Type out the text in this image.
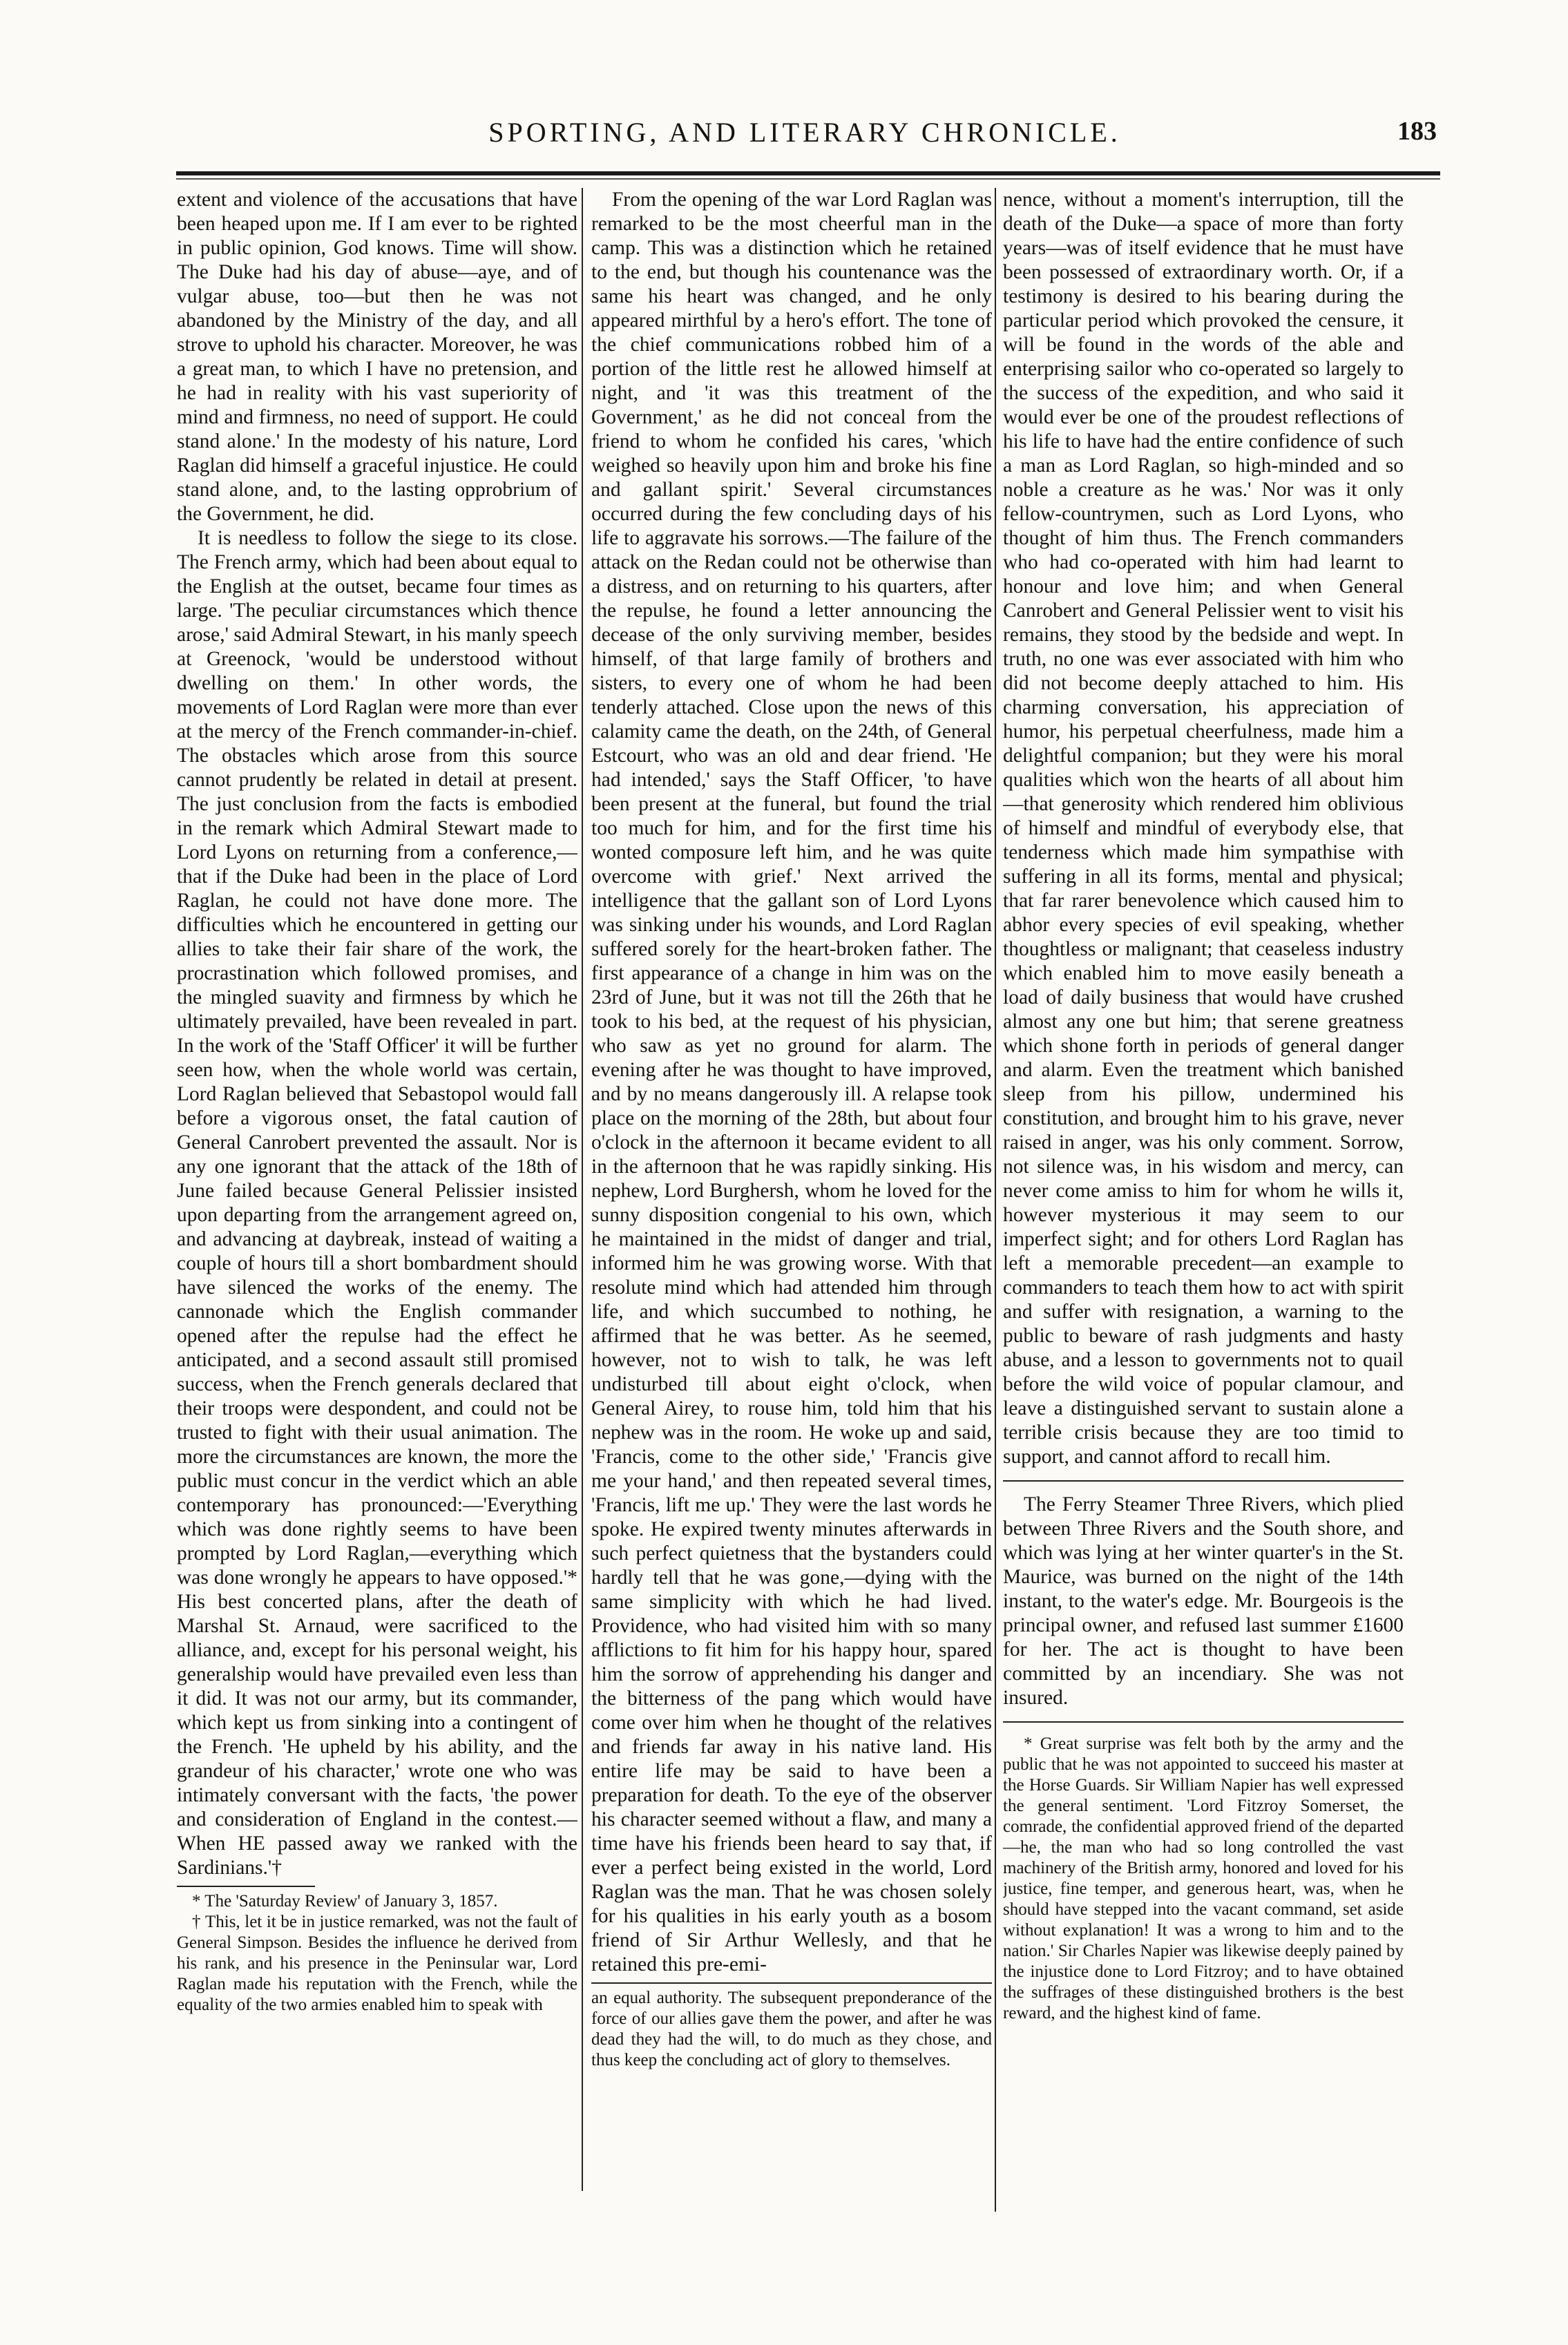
SPORTING, AND LITERARY CHRONICLE.	183

extent and violence of the accusations that have been heaped upon me. If I am ever to be righted in public opinion, God knows. Time will show. The Duke had his day of abuse—aye, and of vulgar abuse, too—but then he was not abandoned by the Ministry of the day, and all strove to uphold his character. Moreover, he was a great man, to which I have no pretension, and he had in reality with his vast superiority of mind and firmness, no need of support. He could stand alone.' In the modesty of his nature, Lord Raglan did himself a graceful injustice. He could stand alone, and, to the lasting opprobrium of the Government, he did.

It is needless to follow the siege to its close. The French army, which had been about equal to the English at the outset, became four times as large. 'The peculiar circumstances which thence arose,' said Admiral Stewart, in his manly speech at Greenock, 'would be understood without dwelling on them.' In other words, the movements of Lord Raglan were more than ever at the mercy of the French commander-in-chief. The obstacles which arose from this source cannot prudently be related in detail at present. The just conclusion from the facts is embodied in the remark which Admiral Stewart made to Lord Lyons on returning from a conference,—that if the Duke had been in the place of Lord Raglan, he could not have done more. The difficulties which he encountered in getting our allies to take their fair share of the work, the procrastination which followed promises, and the mingled suavity and firmness by which he ultimately prevailed, have been revealed in part. In the work of the 'Staff Officer' it will be further seen how, when the whole world was certain, Lord Raglan believed that Sebastopol would fall before a vigorous onset, the fatal caution of General Canrobert prevented the assault. Nor is any one ignorant that the attack of the 18th of June failed because General Pelissier insisted upon departing from the arrangement agreed on, and advancing at daybreak, instead of waiting a couple of hours till a short bombardment should have silenced the works of the enemy. The cannonade which the English commander opened after the repulse had the effect he anticipated, and a second assault still promised success, when the French generals declared that their troops were despondent, and could not be trusted to fight with their usual animation. The more the circumstances are known, the more the public must concur in the verdict which an able contemporary has pronounced:—'Everything which was done rightly seems to have been prompted by Lord Raglan,—everything which was done wrongly he appears to have opposed.'* His best concerted plans, after the death of Marshal St. Arnaud, were sacrificed to the alliance, and, except for his personal weight, his generalship would have prevailed even less than it did. It was not our army, but its commander, which kept us from sinking into a contingent of the French. 'He upheld by his ability, and the grandeur of his character,' wrote one who was intimately conversant with the facts, 'the power and consideration of England in the contest.—When HE passed away we ranked with the Sardinians.'†

* The 'Saturday Review' of January 3, 1857.

† This, let it be in justice remarked, was not the fault of General Simpson. Besides the influence he derived from his rank, and his presence in the Peninsular war, Lord Raglan made his reputation with the French, while the equality of the two armies enabled him to speak with

From the opening of the war Lord Raglan was remarked to be the most cheerful man in the camp. This was a distinction which he retained to the end, but though his countenance was the same his heart was changed, and he only appeared mirthful by a hero's effort. The tone of the chief communications robbed him of a portion of the little rest he allowed himself at night, and 'it was this treatment of the Government,' as he did not conceal from the friend to whom he confided his cares, 'which weighed so heavily upon him and broke his fine and gallant spirit.' Several circumstances occurred during the few concluding days of his life to aggravate his sorrows.—The failure of the attack on the Redan could not be otherwise than a distress, and on returning to his quarters, after the repulse, he found a letter announcing the decease of the only surviving member, besides himself, of that large family of brothers and sisters, to every one of whom he had been tenderly attached. Close upon the news of this calamity came the death, on the 24th, of General Estcourt, who was an old and dear friend. 'He had intended,' says the Staff Officer, 'to have been present at the funeral, but found the trial too much for him, and for the first time his wonted composure left him, and he was quite overcome with grief.' Next arrived the intelligence that the gallant son of Lord Lyons was sinking under his wounds, and Lord Raglan suffered sorely for the heart-broken father. The first appearance of a change in him was on the 23rd of June, but it was not till the 26th that he took to his bed, at the request of his physician, who saw as yet no ground for alarm. The evening after he was thought to have improved, and by no means dangerously ill. A relapse took place on the morning of the 28th, but about four o'clock in the afternoon it became evident to all in the afternoon that he was rapidly sinking. His nephew, Lord Burghersh, whom he loved for the sunny disposition congenial to his own, which he maintained in the midst of danger and trial, informed him he was growing worse. With that resolute mind which had attended him through life, and which succumbed to nothing, he affirmed that he was better. As he seemed, however, not to wish to talk, he was left undisturbed till about eight o'clock, when General Airey, to rouse him, told him that his nephew was in the room. He woke up and said, 'Francis, come to the other side,' 'Francis give me your hand,' and then repeated several times, 'Francis, lift me up.' They were the last words he spoke. He expired twenty minutes afterwards in such perfect quietness that the bystanders could hardly tell that he was gone,—dying with the same simplicity with which he had lived. Providence, who had visited him with so many afflictions to fit him for his happy hour, spared him the sorrow of apprehending his danger and the bitterness of the pang which would have come over him when he thought of the relatives and friends far away in his native land. His entire life may be said to have been a preparation for death. To the eye of the observer his character seemed without a flaw, and many a time have his friends been heard to say that, if ever a perfect being existed in the world, Lord Raglan was the man. That he was chosen solely for his qualities in his early youth as a bosom friend of Sir Arthur Wellesly, and that he retained this pre-emi-

an equal authority. The subsequent preponderance of the force of our allies gave them the power, and after he was dead they had the will, to do much as they chose, and thus keep the concluding act of glory to themselves.

nence, without a moment's interruption, till the death of the Duke—a space of more than forty years—was of itself evidence that he must have been possessed of extraordinary worth. Or, if a testimony is desired to his bearing during the particular period which provoked the censure, it will be found in the words of the able and enterprising sailor who co-operated so largely to the success of the expedition, and who said it would ever be one of the proudest reflections of his life to have had the entire confidence of such a man as Lord Raglan, so high-minded and so noble a creature as he was.' Nor was it only fellow-countrymen, such as Lord Lyons, who thought of him thus. The French commanders who had co-operated with him had learnt to honour and love him; and when General Canrobert and General Pelissier went to visit his remains, they stood by the bedside and wept. In truth, no one was ever associated with him who did not become deeply attached to him. His charming conversation, his appreciation of humor, his perpetual cheerfulness, made him a delightful companion; but they were his moral qualities which won the hearts of all about him—that generosity which rendered him oblivious of himself and mindful of everybody else, that tenderness which made him sympathise with suffering in all its forms, mental and physical; that far rarer benevolence which caused him to abhor every species of evil speaking, whether thoughtless or malignant; that ceaseless industry which enabled him to move easily beneath a load of daily business that would have crushed almost any one but him; that serene greatness which shone forth in periods of general danger and alarm. Even the treatment which banished sleep from his pillow, undermined his constitution, and brought him to his grave, never raised in anger, was his only comment. Sorrow, not silence was, in his wisdom and mercy, can never come amiss to him for whom he wills it, however mysterious it may seem to our imperfect sight; and for others Lord Raglan has left a memorable precedent—an example to commanders to teach them how to act with spirit and suffer with resignation, a warning to the public to beware of rash judgments and hasty abuse, and a lesson to governments not to quail before the wild voice of popular clamour, and leave a distinguished servant to sustain alone a terrible crisis because they are too timid to support, and cannot afford to recall him.

The Ferry Steamer Three Rivers, which plied between Three Rivers and the South shore, and which was lying at her winter quarter's in the St. Maurice, was burned on the night of the 14th instant, to the water's edge. Mr. Bourgeois is the principal owner, and refused last summer £1600 for her. The act is thought to have been committed by an incendiary. She was not insured.

* Great surprise was felt both by the army and the public that he was not appointed to succeed his master at the Horse Guards. Sir William Napier has well expressed the general sentiment. 'Lord Fitzroy Somerset, the comrade, the confidential approved friend of the departed—he, the man who had so long controlled the vast machinery of the British army, honored and loved for his justice, fine temper, and generous heart, was, when he should have stepped into the vacant command, set aside without explanation! It was a wrong to him and to the nation.' Sir Charles Napier was likewise deeply pained by the injustice done to Lord Fitzroy; and to have obtained the suffrages of these distinguished brothers is the best reward, and the highest kind of fame.
